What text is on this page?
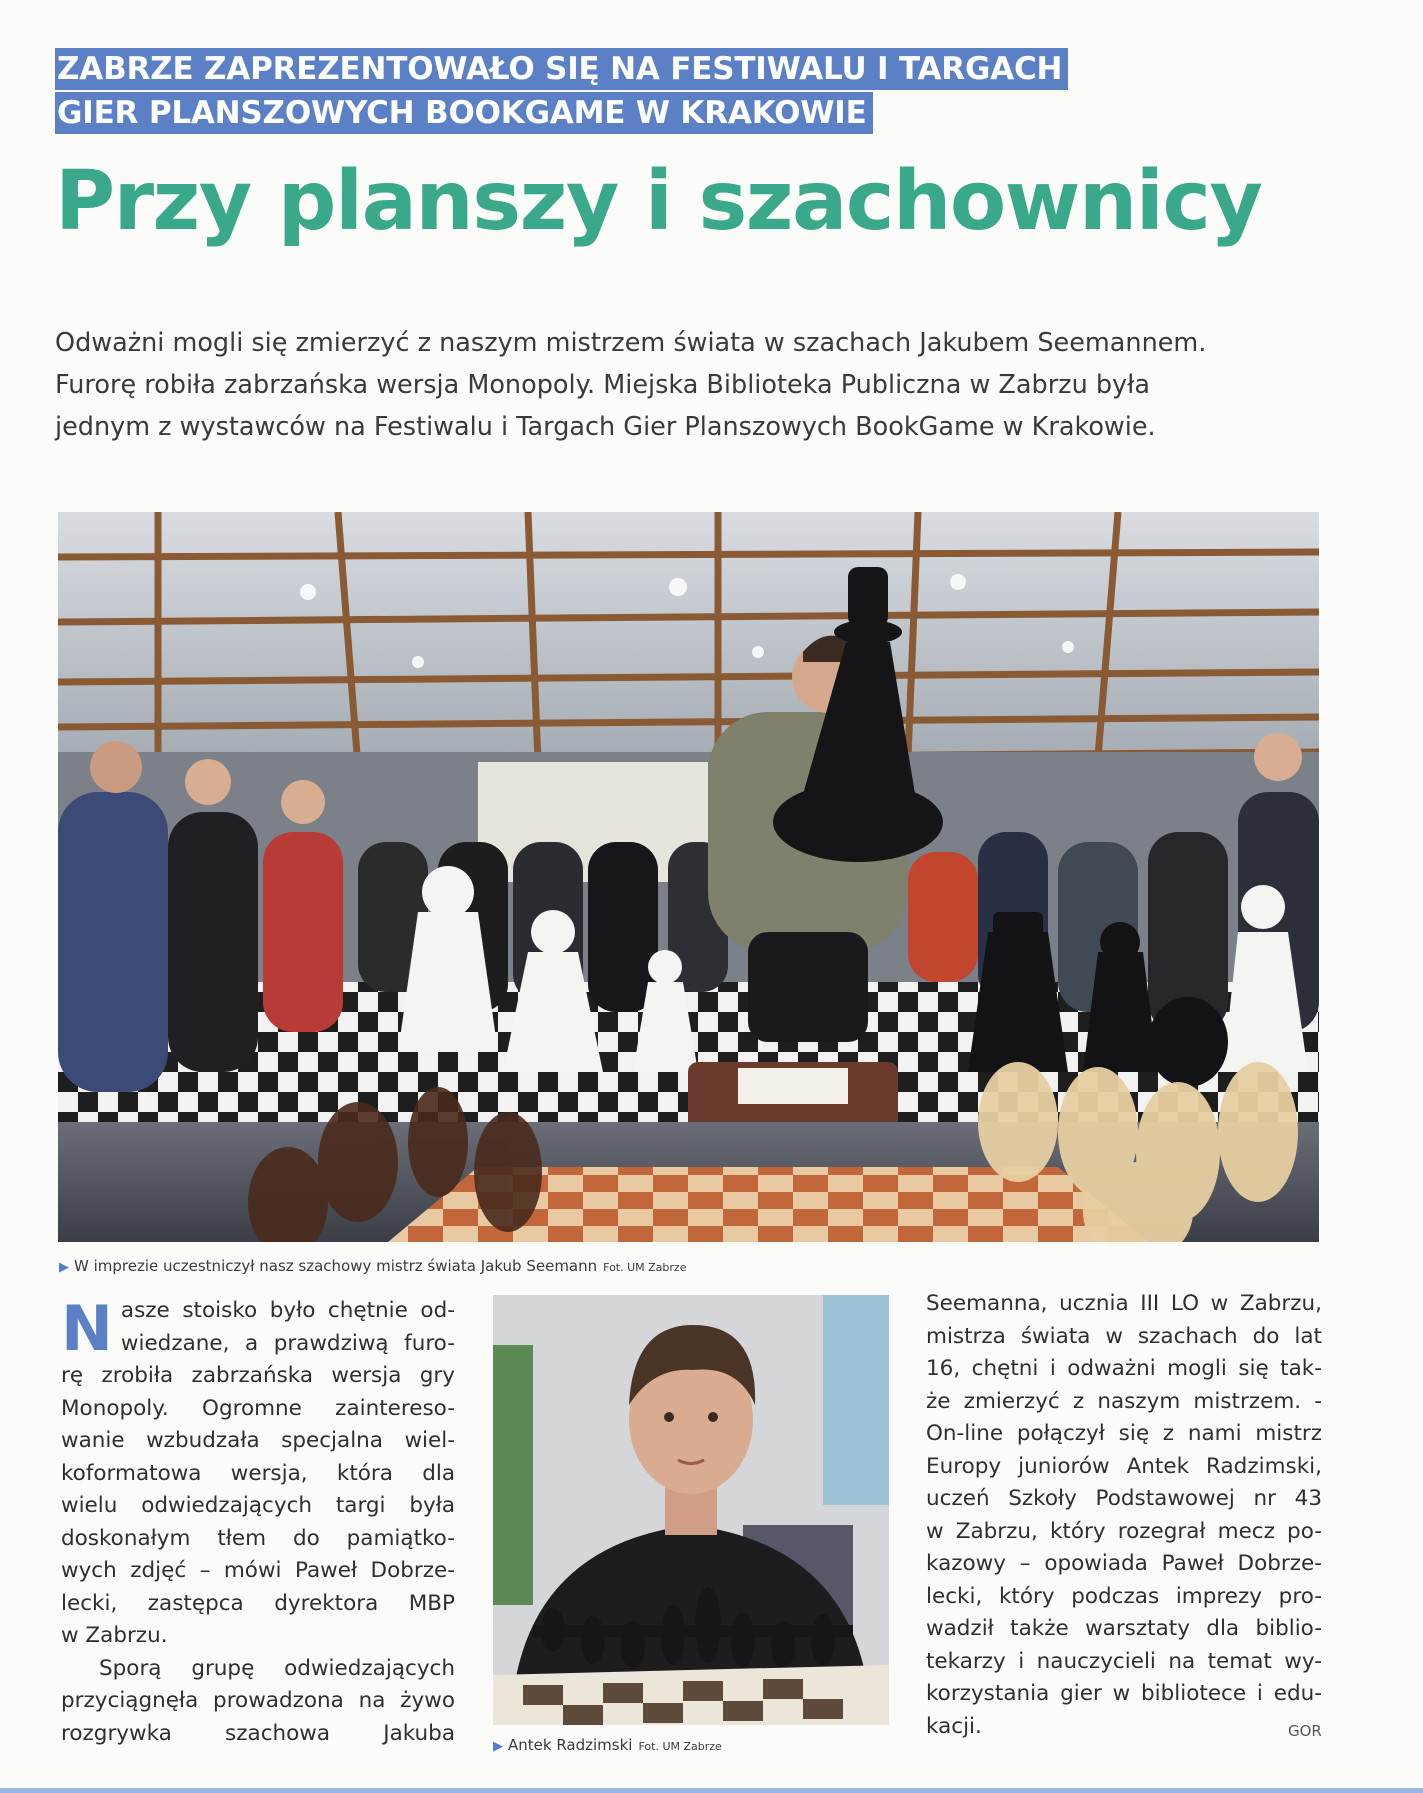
ZABRZE ZAPREZENTOWAŁO SIĘ NA FESTIWALU I TARGACH
GIER PLANSZOWYCH BOOKGAME W KRAKOWIE
Przy planszy i szachownicy

Odważni mogli się zmierzyć z naszym mistrzem świata w szachach Jakubem Seemannem.

Furorę robiła zabrzańska wersja Monopoly. Miejska Biblioteka Publiczna w Zabrzu była

jednym z wystawców na Festiwalu i Targach Gier Planszowych BookGame w Krakowie.

▶ W imprezie uczestniczył nasz szachowy mistrz świata Jakub Seemann Fot. UM Zabrze
N asze stoisko było chętnie od-
wiedzane, a prawdziwą furo-
rę zrobiła zabrzańska wersja gry
Monopoly. Ogromne zaintereso-
wanie wzbudzała specjalna wiel-
koformatowa wersja, która dla
wielu odwiedzających targi była
doskonałym tłem do pamiątko-
wych zdjęć – mówi Paweł Dobrze-
lecki, zastępca dyrektora MBP
w Zabrzu.
Sporą grupę odwiedzających
przyciągnęła prowadzona na żywo
rozgrywka szachowa Jakuba
▶ Antek Radzimski Fot. UM Zabrze
Seemanna, ucznia III LO w Zabrzu,
mistrza świata w szachach do lat
16, chętni i odważni mogli się tak-
że zmierzyć z naszym mistrzem. -
On-line połączył się z nami mistrz
Europy juniorów Antek Radzimski,
uczeń Szkoły Podstawowej nr 43
w Zabrzu, który rozegrał mecz po-
kazowy – opowiada Paweł Dobrze-
lecki, który podczas imprezy pro-
wadził także warsztaty dla biblio-
tekarzy i nauczycieli na temat wy-
korzystania gier w bibliotece i edu-
kacji.	GOR
